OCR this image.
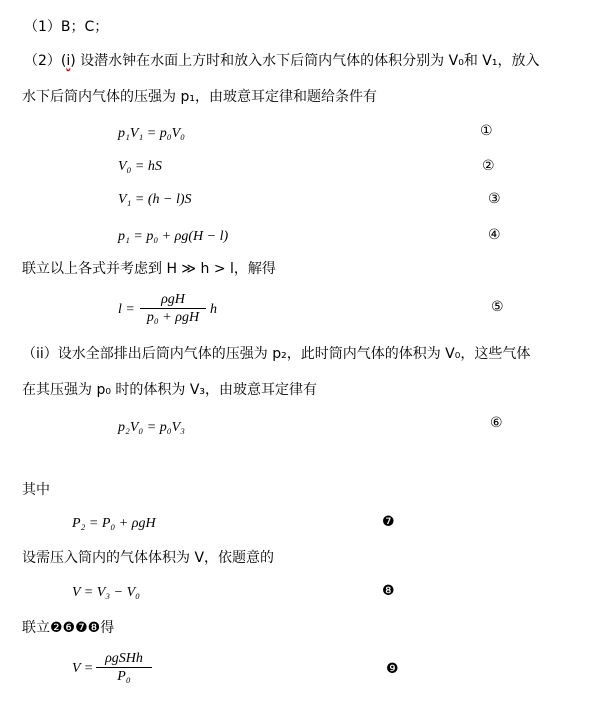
（1）B；C；
（2）(i) 设潜水钟在水面上方时和放入水下后筒内气体的体积分别为 V₀和 V₁，放入
水下后筒内气体的压强为 p₁，由玻意耳定律和题给条件有
p₁V₁ = p₀V₀	①
V₀ = hS	②
V₁ = (h − l)S	③
p₁ = p₀ + ρg(H − l)	④
联立以上各式并考虑到 H ≫ h > l，解得
l =
ρgH
p₀ + ρgH
h	⑤
（ii）设水全部排出后筒内气体的压强为 p₂，此时筒内气体的体积为 V₀，这些气体
在其压强为 p₀ 时的体积为 V₃，由玻意耳定律有
p₂V₀ = p₀V₃	⑥
其中
P₂ = P₀ + ρgH	❼
设需压入筒内的气体体积为 V，依题意的
V = V₃ − V₀	❽
联立❷❻❼❽得
V =
ρgSHh
P₀	❾
